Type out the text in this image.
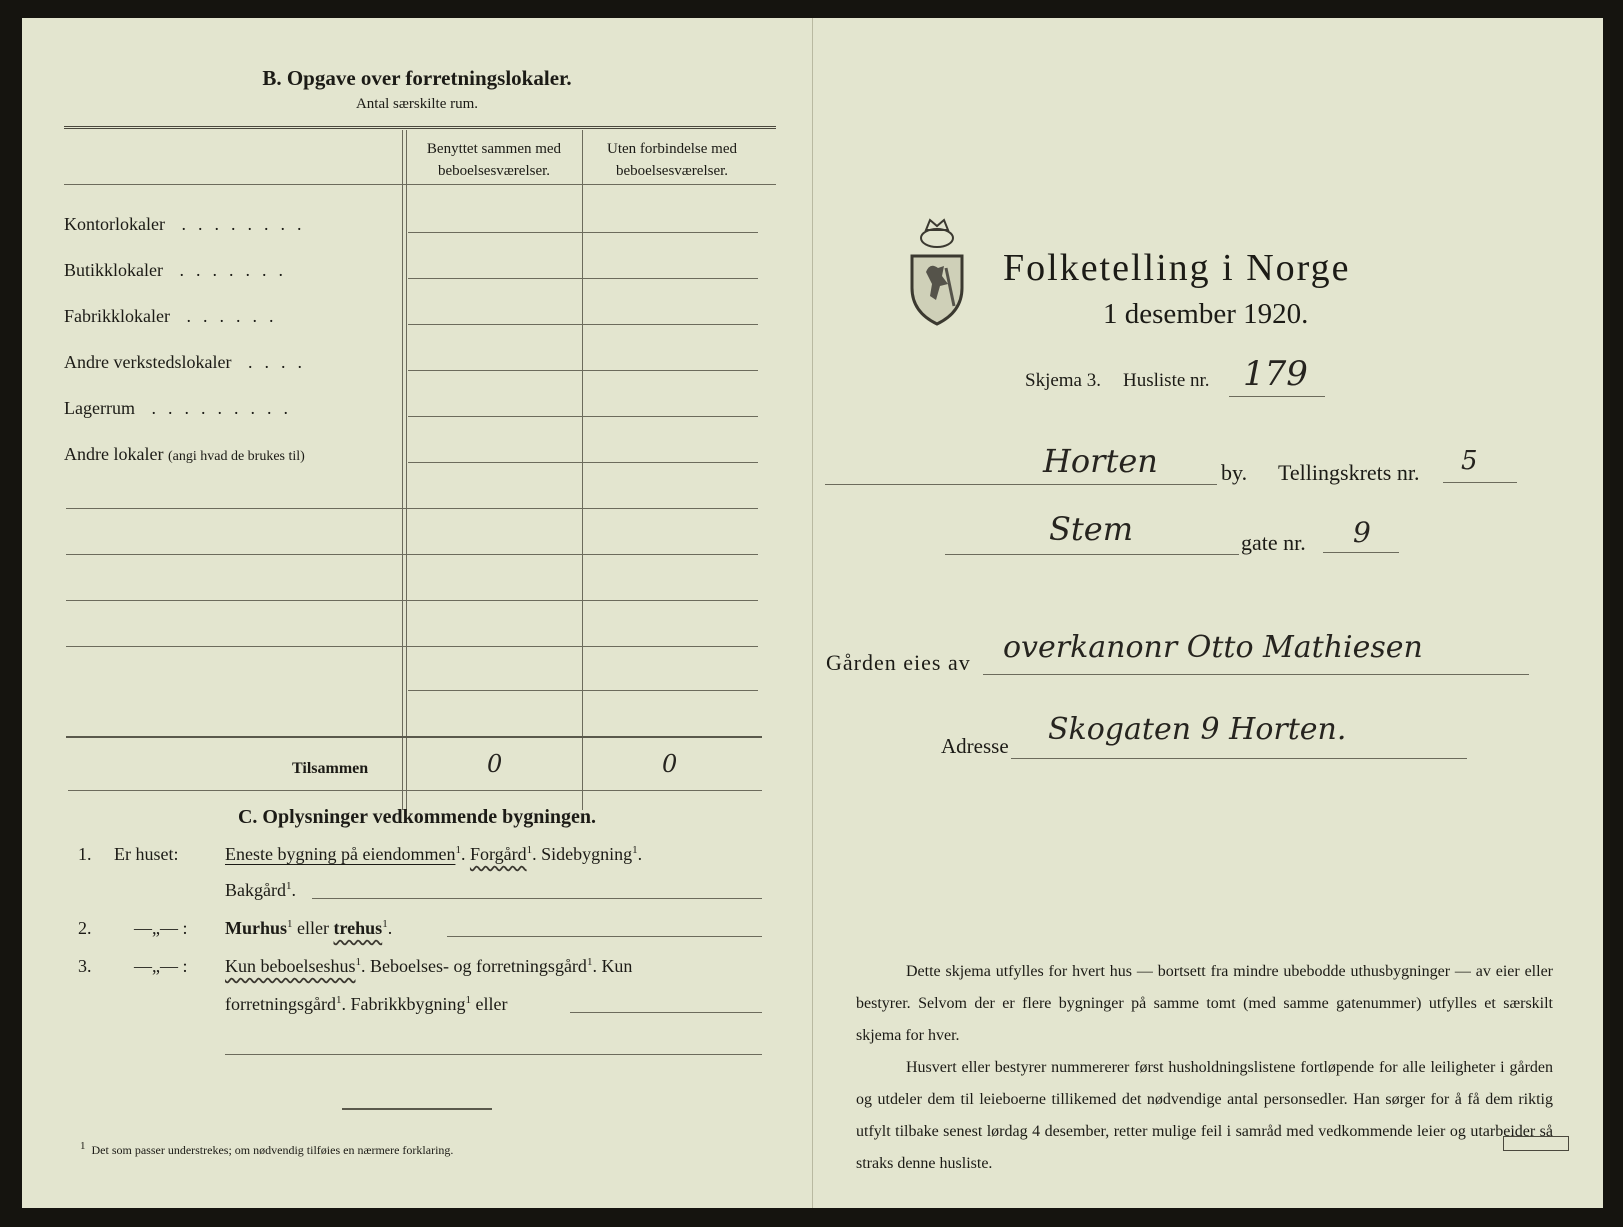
B. Opgave over forretningslokaler.
Antal særskilte rum.
Benyttet sammen med
beboelsesværelser.
Uten forbindelse med
beboelsesværelser.
Kontorlokaler ........
Butikklokaler .......
Fabrikklokaler ......
Andre verkstedslokaler ....
Lagerrum .........
Andre lokaler (angi hvad de brukes til)
Tilsammen	0	0
C. Oplysninger vedkommende bygningen.
1. Er huset:	Eneste bygning på eiendommen$^1$. Forgård$^1$. Sidebygning$^1$.
Bakgård$^1$.
2. —„— : Murhus$^1$ eller trehus$^1$.
3. —„— : Kun beboelseshus$^1$. Beboelses- og forretningsgård$^1$. Kun
forretningsgård$^1$. Fabrikkbygning$^1$ eller
$^1$ Det som passer understrekes; om nødvendig tilføies en nærmere forklaring.
Folketelling i Norge
1 desember 1920.
Skjema 3. Husliste nr. 179
Horten	by. Tellingskrets nr. 5
Stem	gate nr. 9
Gården eies av overkanonr Otto Mathiesen
Adresse Skogaten 9 Horten.
Dette skjema utfylles for hvert hus — bortsett fra mindre ubebodde uthusbygninger — av eier eller bestyrer. Selvom der er flere bygninger på samme tomt (med samme gatenummer) utfylles et særskilt skjema for hver.
Husvert eller bestyrer nummererer først husholdningslistene fortløpende for alle leiligheter i gården og utdeler dem til leieboerne tillikemed det nødvendige antal personsedler. Han sørger for å få dem riktig utfylt tilbake senest lørdag 4 desember, retter mulige feil i samråd med vedkommende leier og utarbeider så straks denne husliste.
